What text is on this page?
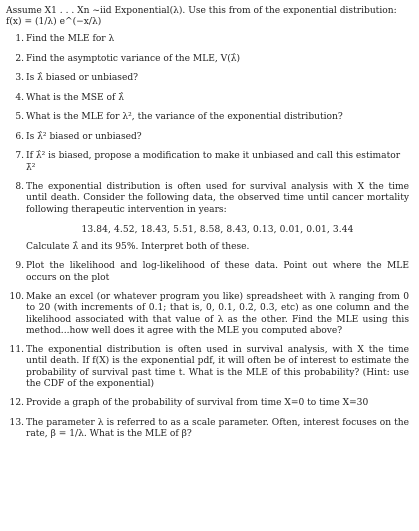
Assume X1 . . . Xn ~iid Exponential(λ). Use this from of the exponential distribution:
f(x) = (1/λ) e^(−x/λ)
1. Find the MLE for λ
2. Find the asymptotic variance of the MLE, V(λ̂)
3. Is λ̂ biased or unbiased?
4. What is the MSE of λ̂
5. What is the MLE for λ², the variance of the exponential distribution?
6. Is λ̂² biased or unbiased?
7. If λ̂² is biased, propose a modification to make it unbiased and call this estimator λ̃²
8. The exponential distribution is often used for survival analysis with X the time until death. Consider the following data, the observed time until cancer mortality following therapeutic intervention in years:
13.84, 4.52, 18.43, 5.51, 8.58, 8.43, 0.13, 0.01, 0.01, 3.44
Calculate λ̂ and its 95%. Interpret both of these.
9. Plot the likelihood and log-likelihood of these data. Point out where the MLE occurs on the plot
10. Make an excel (or whatever program you like) spreadsheet with λ ranging from 0 to 20 (with increments of 0.1; that is, 0, 0.1, 0.2, 0.3, etc) as one column and the likelihood associated with that value of λ as the other. Find the MLE using this method...how well does it agree with the MLE you computed above?
11. The exponential distribution is often used in survival analysis, with X the time until death. If f(X) is the exponential pdf, it will often be of interest to estimate the probability of survival past time t. What is the MLE of this probability? (Hint: use the CDF of the exponential)
12. Provide a graph of the probability of survival from time X=0 to time X=30
13. The parameter λ is referred to as a scale parameter. Often, interest focuses on the rate, β = 1/λ. What is the MLE of β?
